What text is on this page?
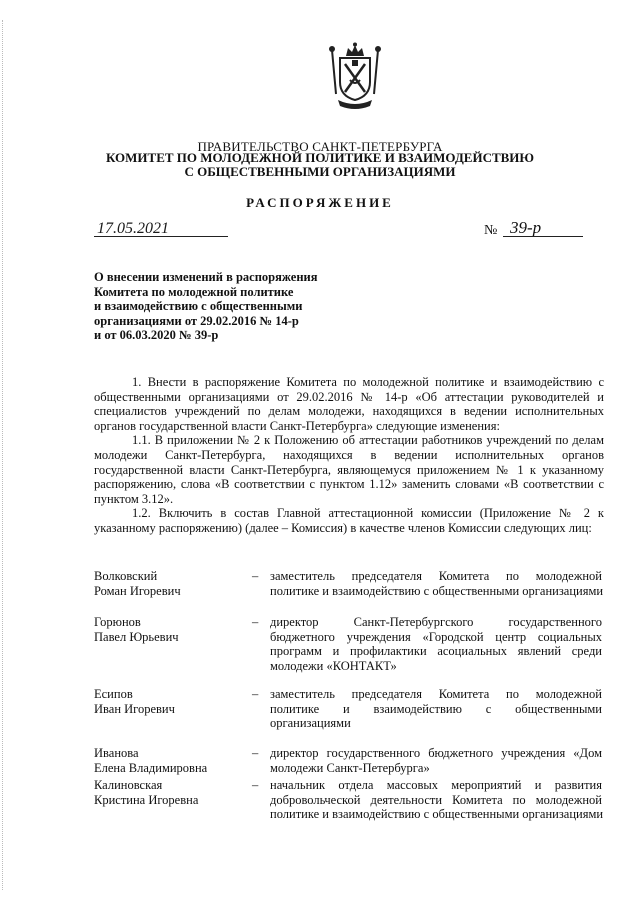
ПРАВИТЕЛЬСТВО САНКТ-ПЕТЕРБУРГА
КОМИТЕТ ПО МОЛОДЕЖНОЙ ПОЛИТИКЕ И ВЗАИМОДЕЙСТВИЮ
С ОБЩЕСТВЕННЫМИ ОРГАНИЗАЦИЯМИ
РАСПОРЯЖЕНИЕ
17.05.2021	№ 39-р
О внесении изменений в распоряжения
Комитета по молодежной политике
и взаимодействию с общественными
организациями от 29.02.2016 № 14-р
и от 06.03.2020 № 39-р

1. Внести в распоряжение Комитета по молодежной политике и взаимодействию с общественными организациями от 29.02.2016 № 14-р «Об аттестации руководителей и специалистов учреждений по делам молодежи, находящихся в ведении исполнительных органов государственной власти Санкт-Петербурга» следующие изменения:

1.1. В приложении № 2 к Положению об аттестации работников учреждений по делам молодежи Санкт-Петербурга, находящихся в ведении исполнительных органов государственной власти Санкт-Петербурга, являющемуся приложением № 1 к указанному распоряжению, слова «В соответствии с пунктом 1.12» заменить словами «В соответствии с пунктом 3.12».

1.2. Включить в состав Главной аттестационной комиссии (Приложение № 2 к указанному распоряжению) (далее – Комиссия) в качестве членов Комиссии следующих лиц:

Волковский
Роман Игоревич
– заместитель председателя Комитета по молодежной
политике и взаимодействию с общественными организациями
Горюнов
Павел Юрьевич
– директор Санкт-Петербургского государственного
бюджетного учреждения «Городской центр социальных
программ и профилактики асоциальных явлений среди
молодежи «КОНТАКТ»
Есипов
Иван Игоревич
– заместитель председателя Комитета по молодежной
политике и взаимодействию с общественными
организациями
Иванова
Елена Владимировна
– директор государственного бюджетного учреждения «Дом
молодежи Санкт-Петербурга»
Калиновская
Кристина Игоревна
– начальник отдела массовых мероприятий и развития
добровольческой деятельности Комитета по молодежной
политике и взаимодействию с общественными организациями
